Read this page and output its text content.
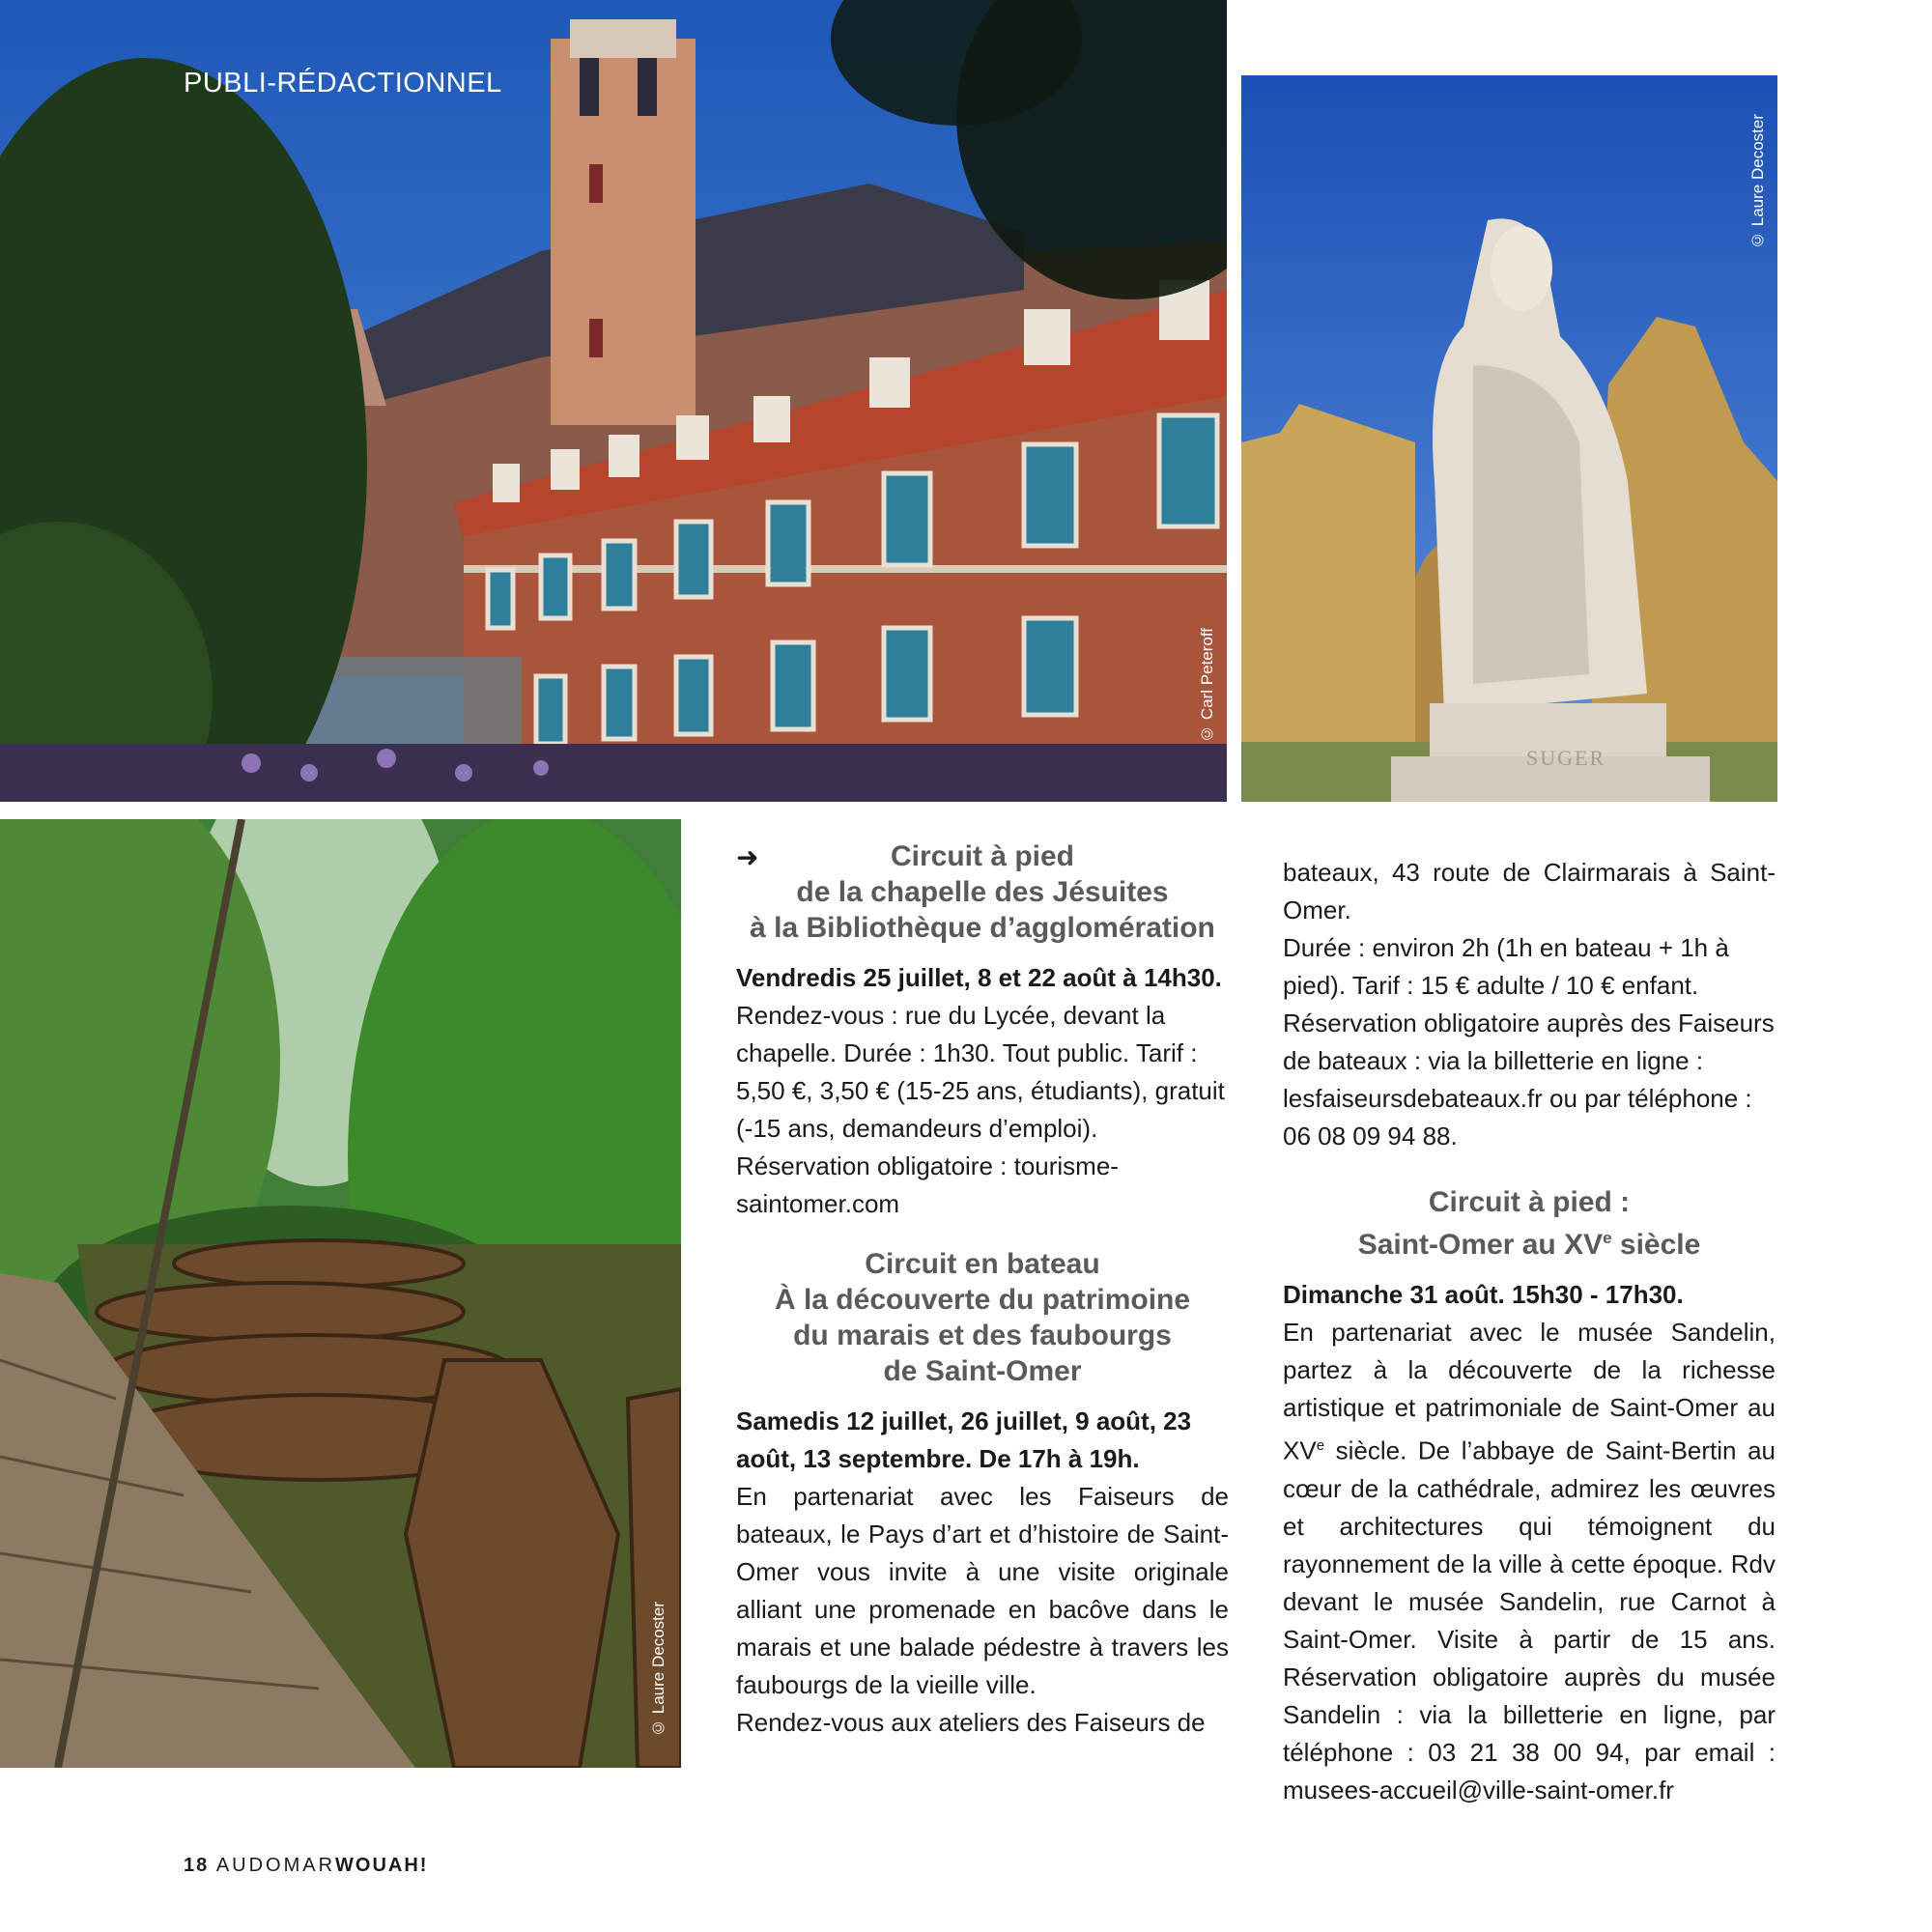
PUBLI-RÉDACTIONNEL
© Carl Peteroff
SUGER
© Laure Decoster
© Laure Decoster
➜	Circuit à pied
de la chapelle des Jésuites
à la Bibliothèque d’agglomération

Vendredis 25 juillet, 8 et 22 août à 14h30. Rendez-vous : rue du Lycée, devant la chapelle. Durée : 1h30. Tout public. Tarif : 5,50 €, 3,50 € (15-25 ans, étudiants), gratuit (-15 ans, demandeurs d’emploi). Réservation obligatoire : tourisme-saintomer.com

Circuit en bateau
À la découverte du patrimoine
du marais et des faubourgs
de Saint-Omer

Samedis 12 juillet, 26 juillet, 9 août, 23 août, 13 septembre. De 17h à 19h.

En partenariat avec les Faiseurs de bateaux, le Pays d’art et d’histoire de Saint-Omer vous invite à une visite originale alliant une promenade en bacôve dans le marais et une balade pédestre à travers les faubourgs de la vieille ville.

Rendez-vous aux ateliers des Faiseurs de

bateaux, 43 route de Clairmarais à Saint-Omer.

Durée : environ 2h (1h en bateau + 1h à pied). Tarif : 15 € adulte / 10 € enfant. Réservation obligatoire auprès des Faiseurs de bateaux : via la billetterie en ligne : lesfaiseursdebateaux.fr ou par téléphone : 06 08 09 94 88.

Circuit à pied :
Saint-Omer au XVe siècle

Dimanche 31 août. 15h30 - 17h30.

En partenariat avec le musée Sandelin, partez à la découverte de la richesse artistique et patrimoniale de Saint-Omer au XVe siècle. De l’abbaye de Saint-Bertin au cœur de la cathédrale, admirez les œuvres et architectures qui témoignent du rayonnement de la ville à cette époque. Rdv devant le musée Sandelin, rue Carnot à Saint-Omer. Visite à partir de 15 ans. Réservation obligatoire auprès du musée Sandelin : via la billetterie en ligne, par téléphone : 03 21 38 00 94, par email : musees-accueil@ville-saint-omer.fr

18 AUDOMARWOUAH!
